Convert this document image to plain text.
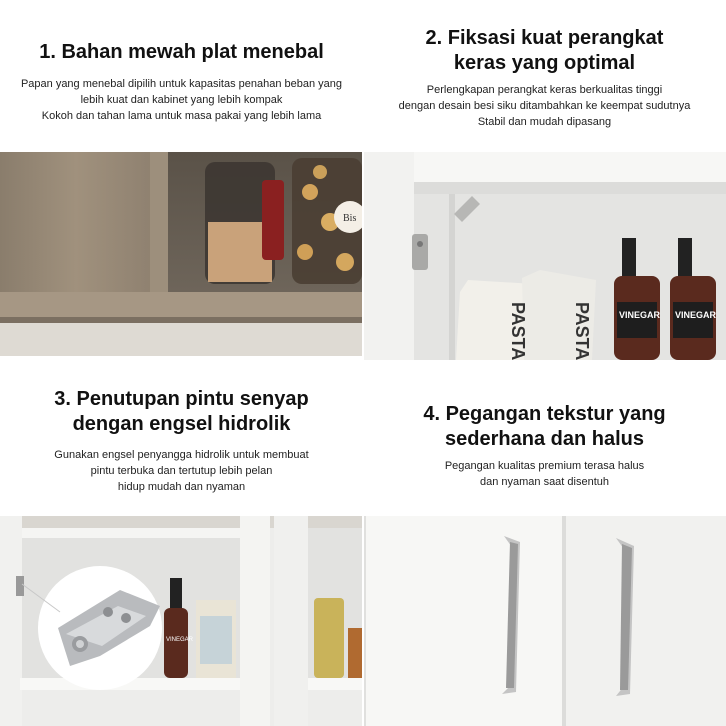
1. Bahan mewah plat menebal
Papan yang menebal dipilih untuk kapasitas penahan beban yang
lebih kuat dan kabinet yang lebih kompak
Kokoh dan tahan lama untuk masa pakai yang lebih lama
2. Fiksasi kuat perangkat
keras yang optimal
Perlengkapan perangkat keras berkualitas tinggi
dengan desain besi siku ditambahkan ke keempat sudutnya
Stabil dan mudah dipasang
Bis
PASTA PASTA	VINEGAR VINEGAR
3. Penutupan pintu senyap
dengan engsel hidrolik
Gunakan engsel penyangga hidrolik untuk membuat
pintu terbuka dan tertutup lebih pelan
hidup mudah dan nyaman
4. Pegangan tekstur yang
sederhana dan halus
Pegangan kualitas premium terasa halus
dan nyaman saat disentuh
VINEGAR
